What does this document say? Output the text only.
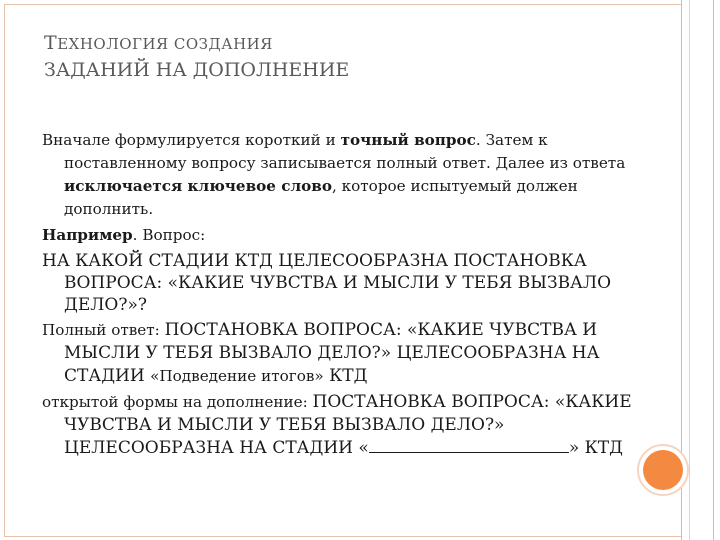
ТЕХНОЛОГИЯ СОЗДАНИЯ
ЗАДАНИЙ НА ДОПОЛНЕНИЕ

Вначале формулируется короткий и точный вопрос. Затем к поставленному вопросу записывается полный ответ. Далее из ответа исключается ключевое слово, которое испытуемый должен дополнить.

Например. Вопрос:

НА КАКОЙ СТАДИИ КТД ЦЕЛЕСООБРАЗНА ПОСТАНОВКА ВОПРОСА: «КАКИЕ ЧУВСТВА И МЫСЛИ У ТЕБЯ ВЫЗВАЛО ДЕЛО?»?

Полный ответ: ПОСТАНОВКА ВОПРОСА: «КАКИЕ ЧУВСТВА И МЫСЛИ У ТЕБЯ ВЫЗВАЛО ДЕЛО?» ЦЕЛЕСООБРАЗНА НА СТАДИИ «Подведение итогов» КТД

открытой формы на дополнение: ПОСТАНОВКА ВОПРОСА: «КАКИЕ ЧУВСТВА И МЫСЛИ У ТЕБЯ ВЫЗВАЛО ДЕЛО?» ЦЕЛЕСООБРАЗНА НА СТАДИИ «	» КТД
